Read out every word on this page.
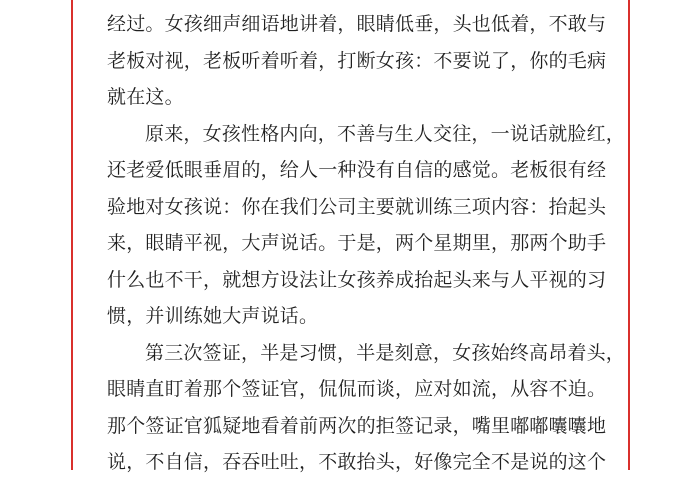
经过。女孩细声细语地讲着，眼睛低垂，头也低着，不敢与
老板对视，老板听着听着，打断女孩：不要说了，你的毛病
就在这。
原来，女孩性格内向，不善与生人交往，一说话就脸红，
还老爱低眼垂眉的，给人一种没有自信的感觉。老板很有经
验地对女孩说：你在我们公司主要就训练三项内容：抬起头
来，眼睛平视，大声说话。于是，两个星期里，那两个助手
什么也不干，就想方设法让女孩养成抬起头来与人平视的习
惯，并训练她大声说话。
第三次签证，半是习惯，半是刻意，女孩始终高昂着头，
眼睛直盯着那个签证官，侃侃而谈，应对如流，从容不迫。
那个签证官狐疑地看着前两次的拒签记录，嘴里嘟嘟囔囔地
说，不自信，吞吞吐吐，不敢抬头，好像完全不是说的这个
